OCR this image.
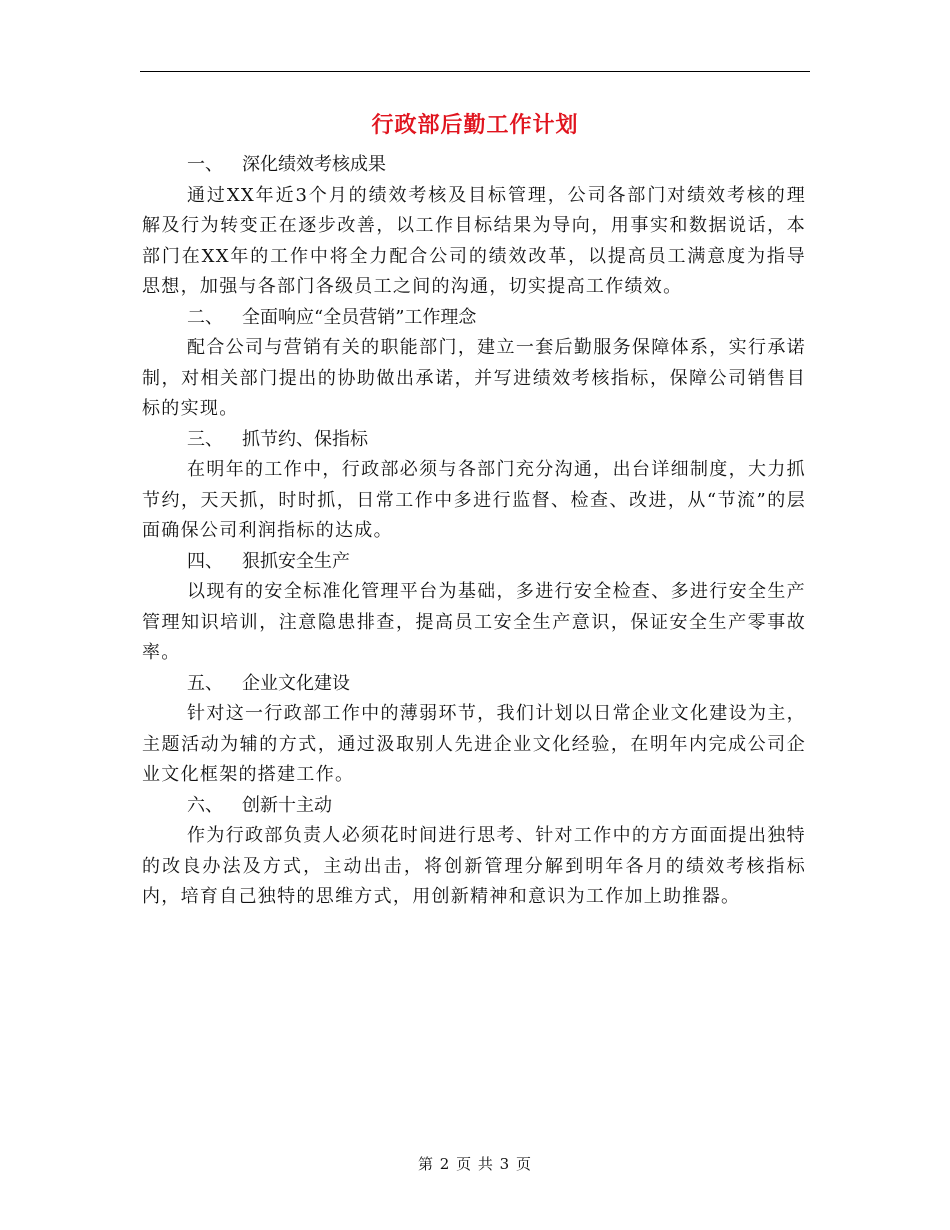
行政部后勤工作计划

一、 深化绩效考核成果

通过XX年近3个月的绩效考核及目标管理，公司各部门对绩效考核的理解及行为转变正在逐步改善，以工作目标结果为导向，用事实和数据说话，本部门在XX年的工作中将全力配合公司的绩效改革，以提高员工满意度为指导思想，加强与各部门各级员工之间的沟通，切实提高工作绩效。

二、 全面响应“全员营销”工作理念

配合公司与营销有关的职能部门，建立一套后勤服务保障体系，实行承诺制，对相关部门提出的协助做出承诺，并写进绩效考核指标，保障公司销售目标的实现。

三、 抓节约、保指标

在明年的工作中，行政部必须与各部门充分沟通，出台详细制度，大力抓节约，天天抓，时时抓，日常工作中多进行监督、检查、改进，从“节流”的层面确保公司利润指标的达成。

四、 狠抓安全生产

以现有的安全标准化管理平台为基础，多进行安全检查、多进行安全生产管理知识培训，注意隐患排查，提高员工安全生产意识，保证安全生产零事故率。

五、 企业文化建设

针对这一行政部工作中的薄弱环节，我们计划以日常企业文化建设为主，主题活动为辅的方式，通过汲取别人先进企业文化经验，在明年内完成公司企业文化框架的搭建工作。

六、 创新十主动

作为行政部负责人必须花时间进行思考、针对工作中的方方面面提出独特的改良办法及方式，主动出击，将创新管理分解到明年各月的绩效考核指标内，培育自己独特的思维方式，用创新精神和意识为工作加上助推器。

第 2 页 共 3 页
